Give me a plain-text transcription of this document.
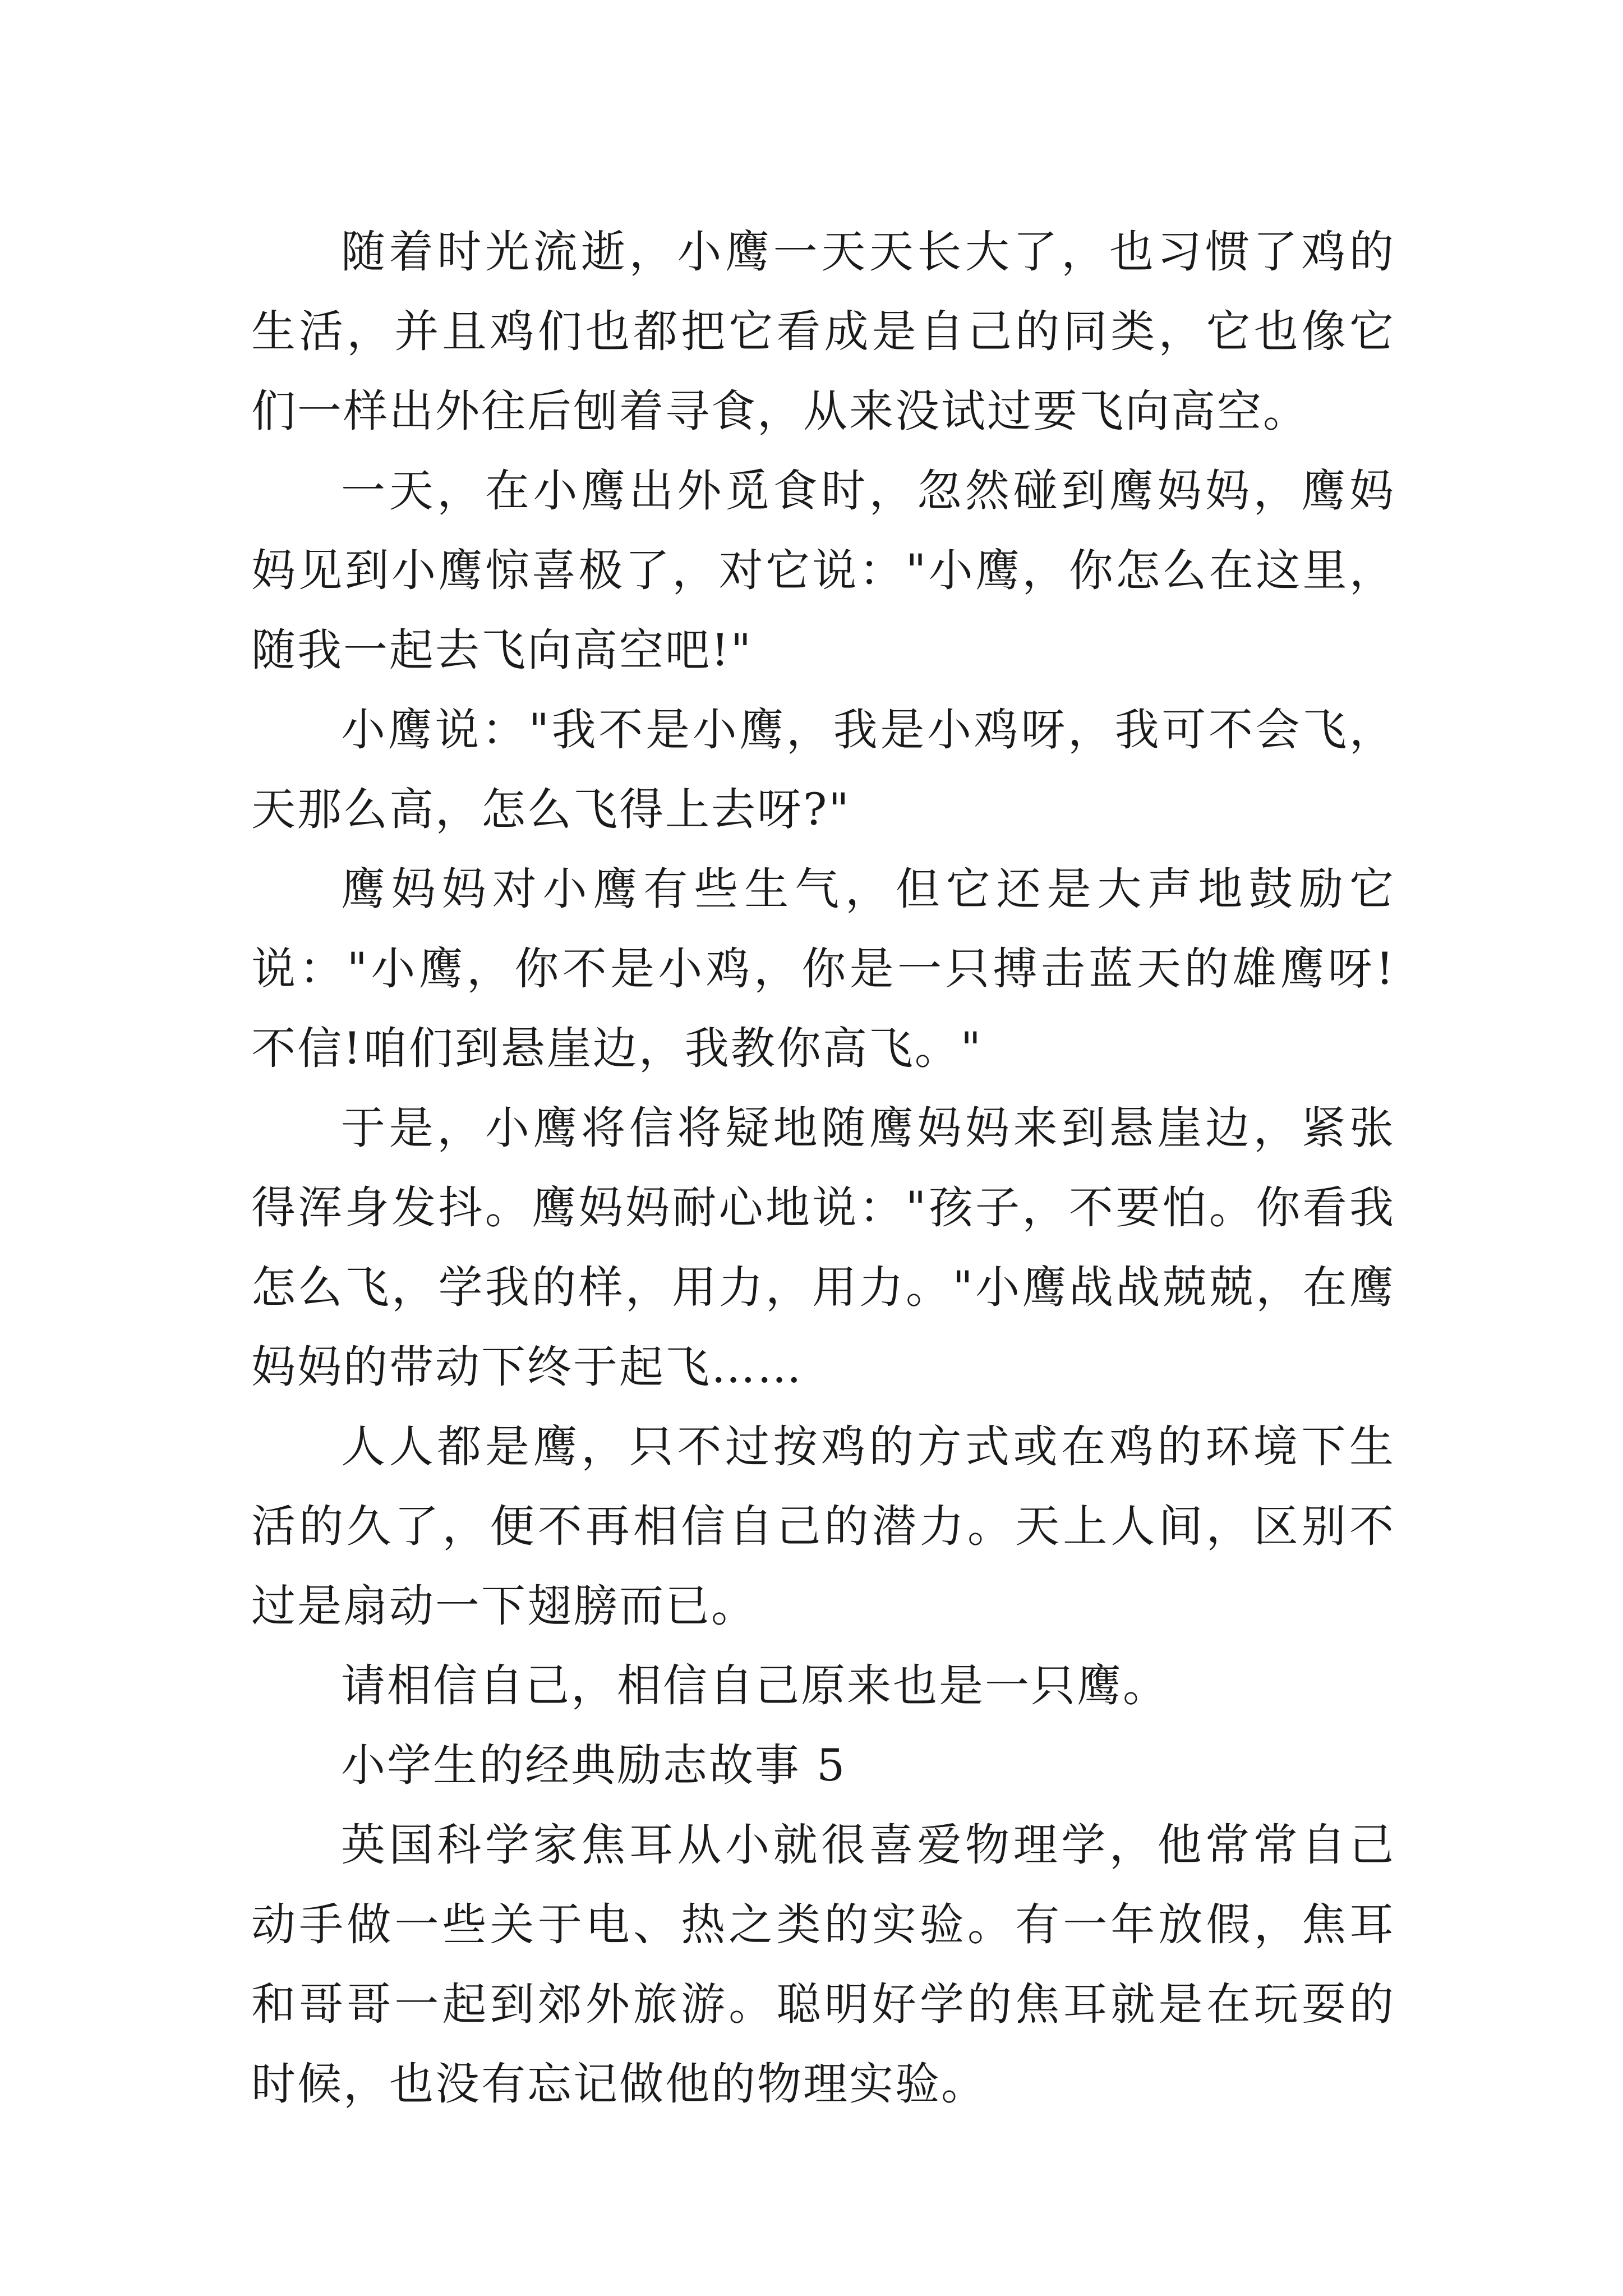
随着时光流逝，小鹰一天天长大了，也习惯了鸡的生活，并且鸡们也都把它看成是自己的同类，它也像它们一样出外往后刨着寻食，从来没试过要飞向高空。

一天，在小鹰出外觅食时，忽然碰到鹰妈妈，鹰妈妈见到小鹰惊喜极了，对它说："小鹰，你怎么在这里，随我一起去飞向高空吧!"

小鹰说："我不是小鹰，我是小鸡呀，我可不会飞，天那么高，怎么飞得上去呀?"

鹰妈妈对小鹰有些生气，但它还是大声地鼓励它说："小鹰，你不是小鸡，你是一只搏击蓝天的雄鹰呀!不信!咱们到悬崖边，我教你高飞。"

于是，小鹰将信将疑地随鹰妈妈来到悬崖边，紧张得浑身发抖。鹰妈妈耐心地说："孩子，不要怕。你看我怎么飞，学我的样，用力，用力。"小鹰战战兢兢，在鹰妈妈的带动下终于起飞……

人人都是鹰，只不过按鸡的方式或在鸡的环境下生活的久了，便不再相信自己的潜力。天上人间，区别不过是扇动一下翅膀而已。

请相信自己，相信自己原来也是一只鹰。

小学生的经典励志故事 5

英国科学家焦耳从小就很喜爱物理学，他常常自己动手做一些关于电、热之类的实验。有一年放假，焦耳和哥哥一起到郊外旅游。聪明好学的焦耳就是在玩耍的时候，也没有忘记做他的物理实验。
